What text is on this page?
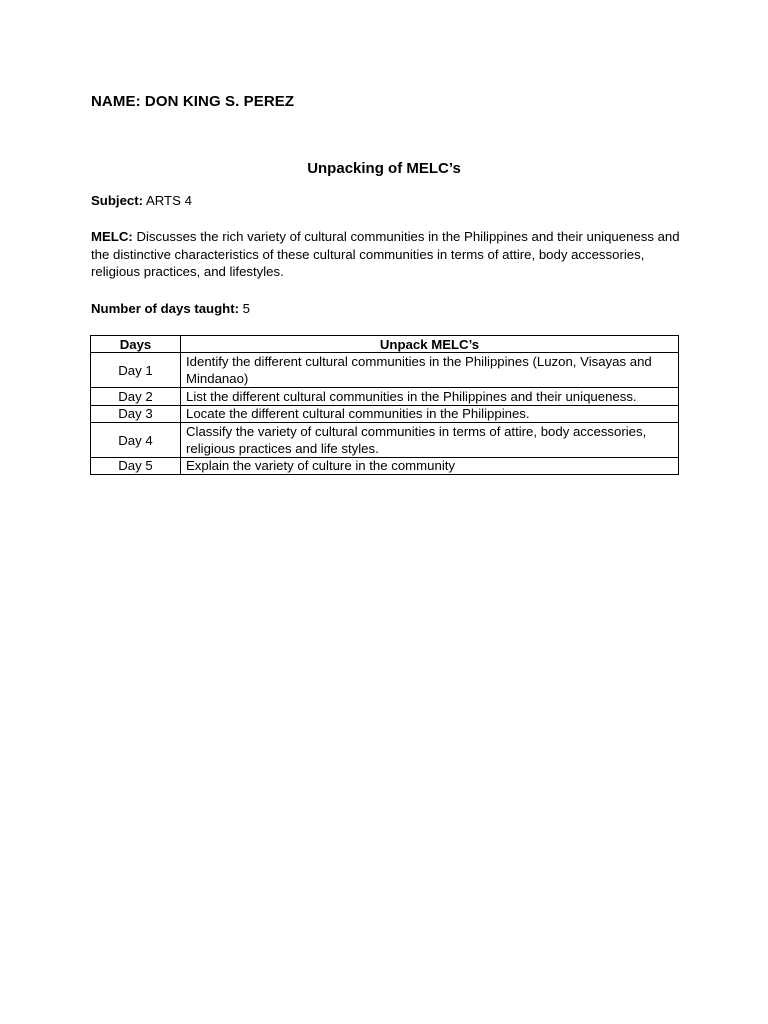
NAME: DON KING S. PEREZ
Unpacking of MELC’s
Subject: ARTS 4
MELC: Discusses the rich variety of cultural communities in the Philippines and their uniqueness and the distinctive characteristics of these cultural communities in terms of attire, body accessories, religious practices, and lifestyles.
Number of days taught: 5
Days	Unpack MELC’s
Day 1	Identify the different cultural communities in the Philippines (Luzon, Visayas and Mindanao)
Day 2	List the different cultural communities in the Philippines and their uniqueness.
Day 3	Locate the different cultural communities in the Philippines.
Day 4	Classify the variety of cultural communities in terms of attire, body accessories, religious practices and life styles.
Day 5	Explain the variety of culture in the community
